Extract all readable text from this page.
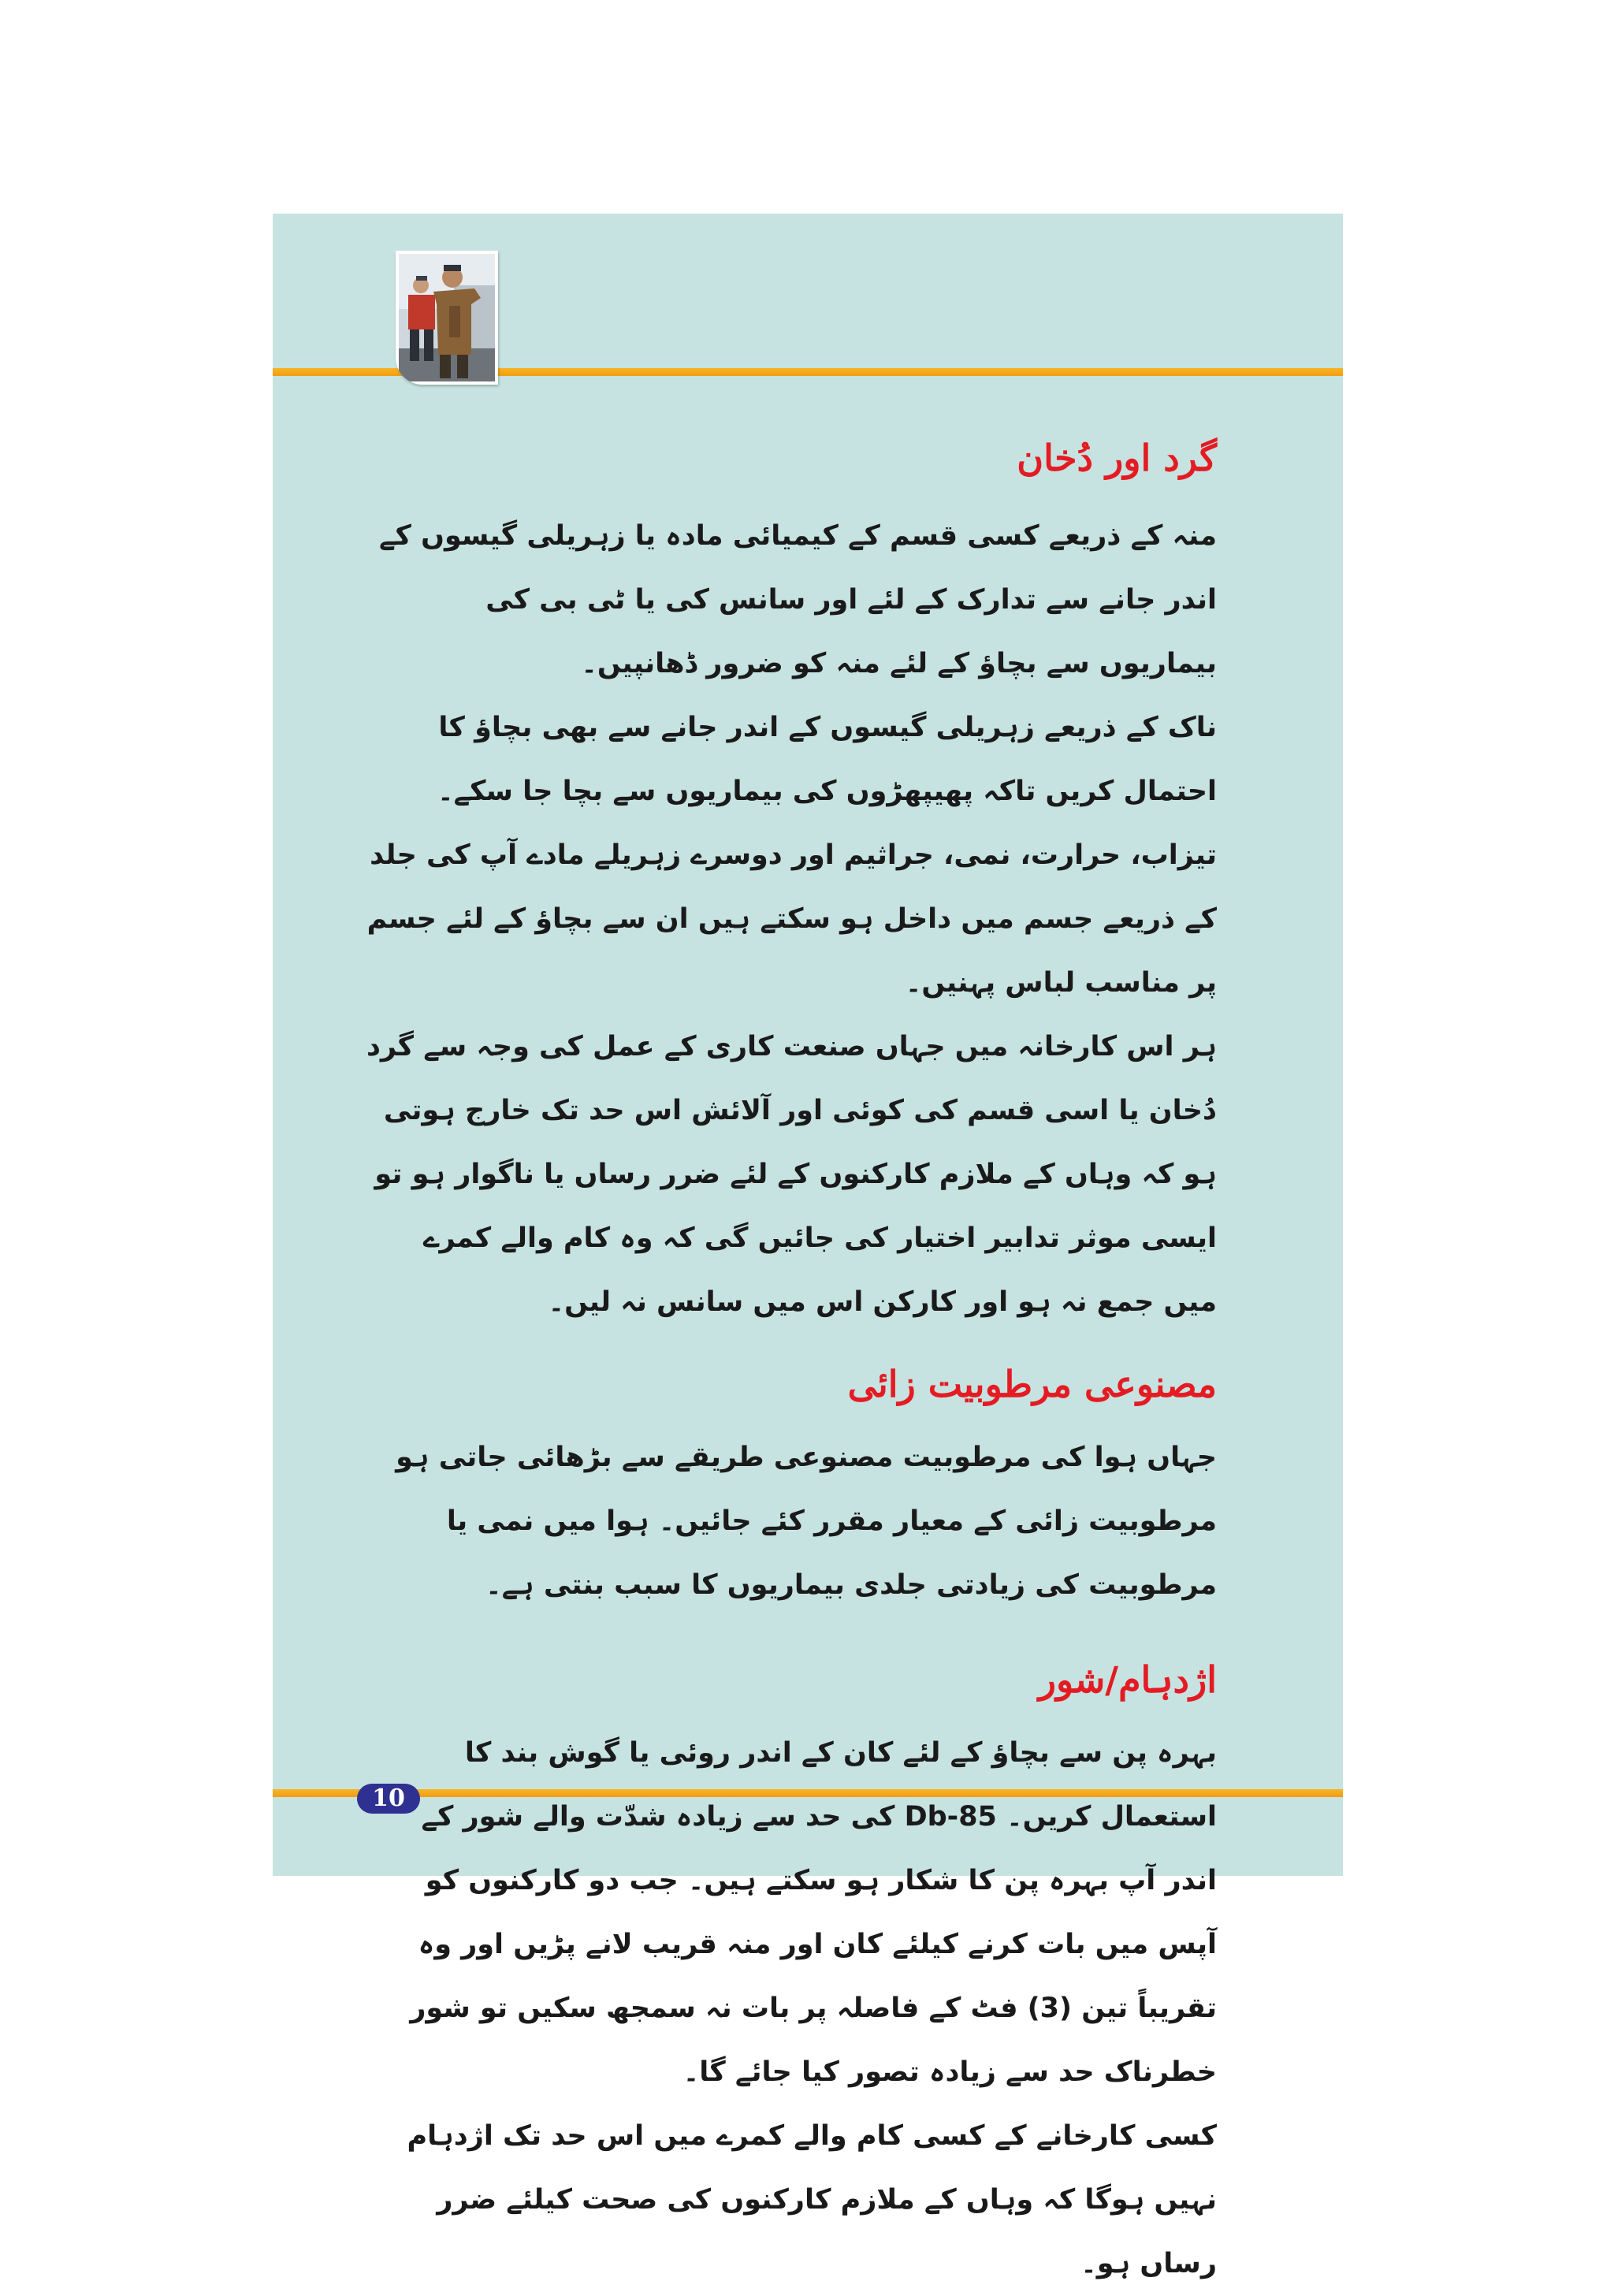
گرد اور دُخان

منہ کے ذریعے کسی قسم کے کیمیائی مادہ یا زہریلی گیسوں کے اندر جانے سے تدارک کے لئے اور سانس کی یا ٹی بی کی بیماریوں سے بچاؤ کے لئے منہ کو ضرور ڈھانپیں۔

ناک کے ذریعے زہریلی گیسوں کے اندر جانے سے بھی بچاؤ کا احتمال کریں تاکہ پھیپھڑوں کی بیماریوں سے بچا جا سکے۔

تیزاب، حرارت، نمی، جراثیم اور دوسرے زہریلے مادے آپ کی جلد کے ذریعے جسم میں داخل ہو سکتے ہیں ان سے بچاؤ کے لئے جسم پر مناسب لباس پہنیں۔

ہر اس کارخانہ میں جہاں صنعت کاری کے عمل کی وجہ سے گرد دُخان یا اسی قسم کی کوئی اور آلائش اس حد تک خارج ہوتی ہو کہ وہاں کے ملازم کارکنوں کے لئے ضرر رساں یا ناگوار ہو تو ایسی موثر تدابیر اختیار کی جائیں گی کہ وہ کام والے کمرے میں جمع نہ ہو اور کارکن اس میں سانس نہ لیں۔

مصنوعی مرطوبیت زائی

جہاں ہوا کی مرطوبیت مصنوعی طریقے سے بڑھائی جاتی ہو مرطوبیت زائی کے معیار مقرر کئے جائیں۔ ہوا میں نمی یا مرطوبیت کی زیادتی جلدی بیماریوں کا سبب بنتی ہے۔

اژدہام/شور

بہرہ پن سے بچاؤ کے لئے کان کے اندر روئی یا گوش بند کا استعمال کریں۔ 85-Db کی حد سے زیادہ شدّت والے شور کے اندر آپ بہرہ پن کا شکار ہو سکتے ہیں۔ جب دو کارکنوں کو آپس میں بات کرنے کیلئے کان اور منہ قریب لانے پڑیں اور وہ تقریباً تین (3) فٹ کے فاصلہ پر بات نہ سمجھ سکیں تو شور خطرناک حد سے زیادہ تصور کیا جائے گا۔

کسی کارخانے کے کسی کام والے کمرے میں اس حد تک اژدہام نہیں ہوگا کہ وہاں کے ملازم کارکنوں کی صحت کیلئے ضرر رساں ہو۔

10
